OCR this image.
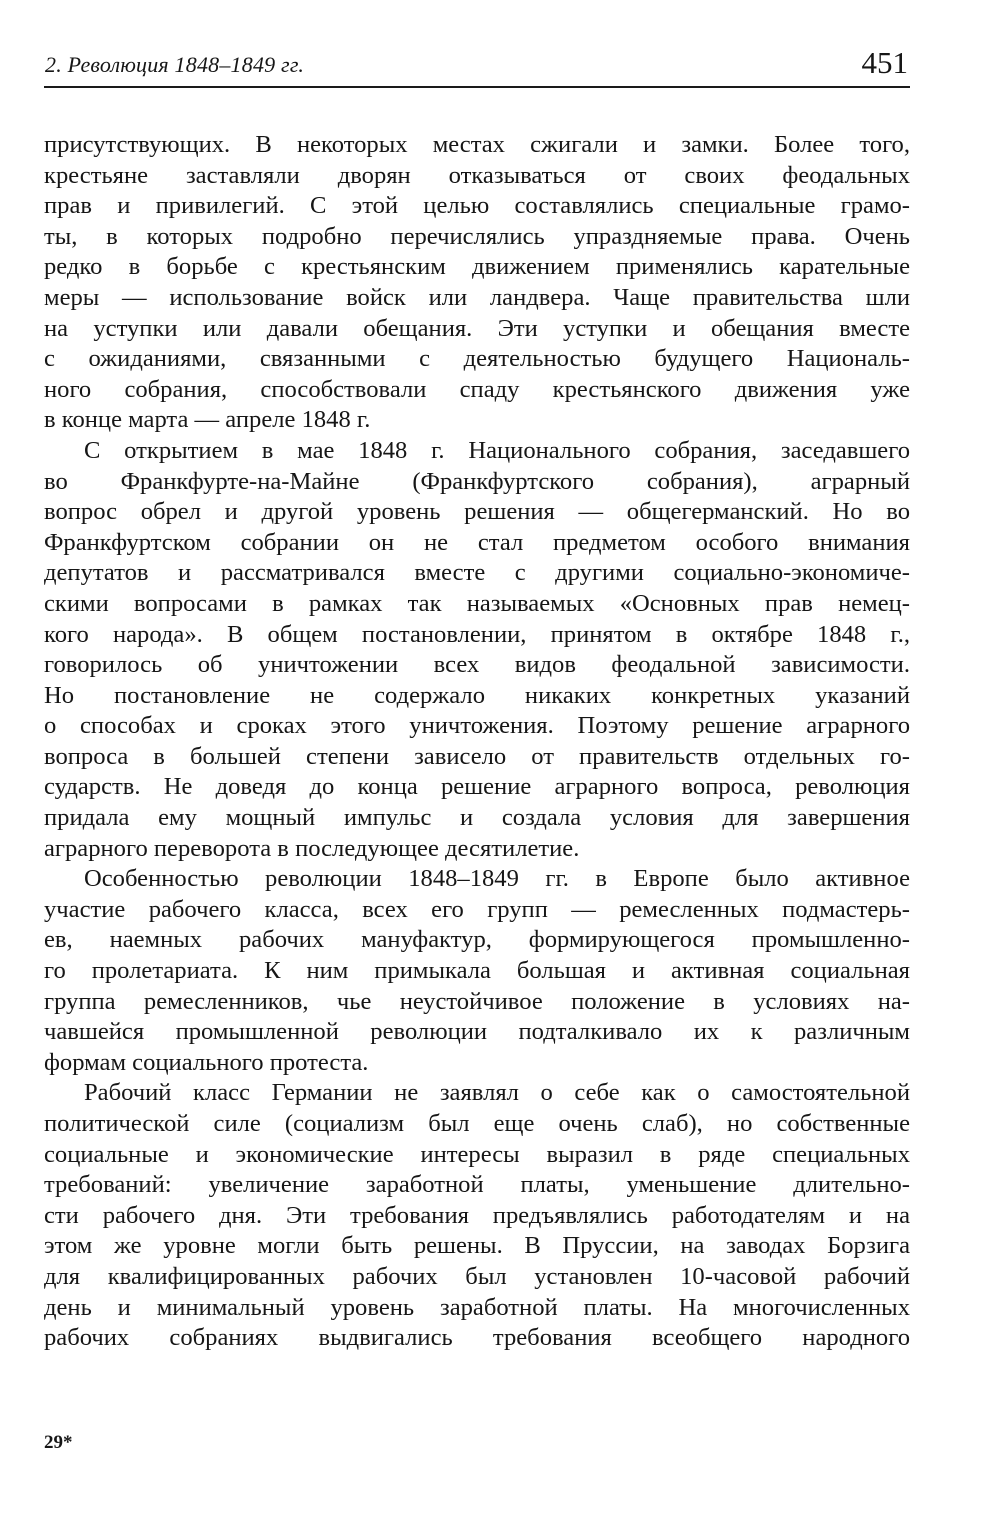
2. Революция 1848–1849 гг.	451
присутствующих. В некоторых местах сжигали и замки. Более того,
крестьяне заставляли дворян отказываться от своих феодальных
прав и привилегий. С этой целью составлялись специальные грамо-
ты, в которых подробно перечислялись упраздняемые права. Очень
редко в борьбе с крестьянским движением применялись карательные
меры — использование войск или ландвера. Чаще правительства шли
на уступки или давали обещания. Эти уступки и обещания вместе
с ожиданиями, связанными с деятельностью будущего Националь-
ного собрания, способствовали спаду крестьянского движения уже
в конце марта — апреле 1848 г.
С открытием в мае 1848 г. Национального собрания, заседавшего
во Франкфурте-на-Майне (Франкфуртского собрания), аграрный
вопрос обрел и другой уровень решения — общегерманский. Но во
Франкфуртском собрании он не стал предметом особого внимания
депутатов и рассматривался вместе с другими социально-экономиче-
скими вопросами в рамках так называемых «Основных прав немец-
кого народа». В общем постановлении, принятом в октябре 1848 г.,
говорилось об уничтожении всех видов феодальной зависимости.
Но постановление не содержало никаких конкретных указаний
о способах и сроках этого уничтожения. Поэтому решение аграрного
вопроса в большей степени зависело от правительств отдельных го-
сударств. Не доведя до конца решение аграрного вопроса, революция
придала ему мощный импульс и создала условия для завершения
аграрного переворота в последующее десятилетие.
Особенностью революции 1848–1849 гг. в Европе было активное
участие рабочего класса, всех его групп — ремесленных подмастерь-
ев, наемных рабочих мануфактур, формирующегося промышленно-
го пролетариата. К ним примыкала большая и активная социальная
группа ремесленников, чье неустойчивое положение в условиях на-
чавшейся промышленной революции подталкивало их к различным
формам социального протеста.
Рабочий класс Германии не заявлял о себе как о самостоятельной
политической силе (социализм был еще очень слаб), но собственные
социальные и экономические интересы выразил в ряде специальных
требований: увеличение заработной платы, уменьшение длительно-
сти рабочего дня. Эти требования предъявлялись работодателям и на
этом же уровне могли быть решены. В Пруссии, на заводах Борзига
для квалифицированных рабочих был установлен 10-часовой рабочий
день и минимальный уровень заработной платы. На многочисленных
рабочих собраниях выдвигались требования всеобщего народного
29*
